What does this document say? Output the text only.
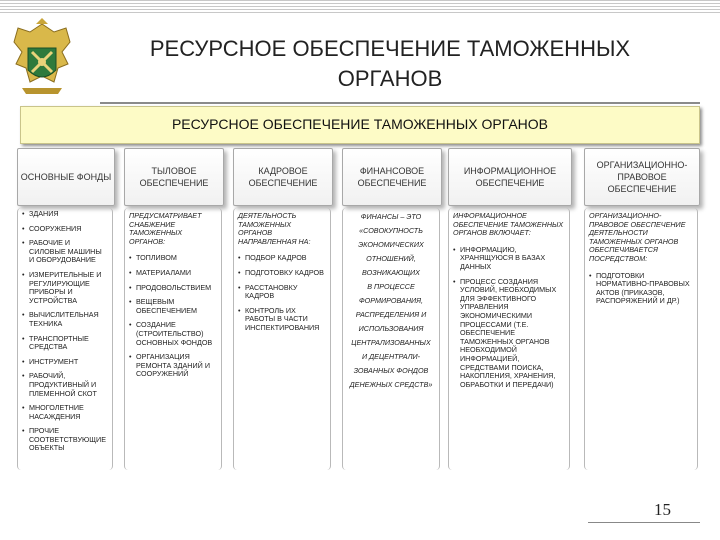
РЕСУРСНОЕ ОБЕСПЕЧЕНИЕ ТАМОЖЕННЫХ
ОРГАНОВ
РЕСУРСНОЕ ОБЕСПЕЧЕНИЕ ТАМОЖЕННЫХ ОРГАНОВ
ОСНОВНЫЕ ФОНДЫ
• ЗДАНИЯ
• СООРУЖЕНИЯ
• РАБОЧИЕ И СИЛОВЫЕ МАШИНЫ И ОБОРУДОВАНИЕ
• ИЗМЕРИТЕЛЬНЫЕ И РЕГУЛИРУЮЩИЕ ПРИБОРЫ И УСТРОЙСТВА
• ВЫЧИСЛИТЕЛЬНАЯ ТЕХНИКА
• ТРАНСПОРТНЫЕ СРЕДСТВА
• ИНСТРУМЕНТ
• РАБОЧИЙ, ПРОДУКТИВНЫЙ И ПЛЕМЕННОЙ СКОТ
• МНОГОЛЕТНИЕ НАСАЖДЕНИЯ
• ПРОЧИЕ СООТВЕТСТВУЮЩИЕ ОБЪЕКТЫ
ТЫЛОВОЕ ОБЕСПЕЧЕНИЕ
ПРЕДУСМАТРИВАЕТ СНАБЖЕНИЕ ТАМОЖЕННЫХ ОРГАНОВ:
• ТОПЛИВОМ
• МАТЕРИАЛАМИ
• ПРОДОВОЛЬСТВИЕМ
• ВЕЩЕВЫМ ОБЕСПЕЧЕНИЕМ
• СОЗДАНИЕ (СТРОИТЕЛЬСТВО) ОСНОВНЫХ ФОНДОВ
• ОРГАНИЗАЦИЯ РЕМОНТА ЗДАНИЙ И СООРУЖЕНИЙ
КАДРОВОЕ ОБЕСПЕЧЕНИЕ
ДЕЯТЕЛЬНОСТЬ ТАМОЖЕННЫХ ОРГАНОВ НАПРАВЛЕННАЯ НА:
• ПОДБОР КАДРОВ
• ПОДГОТОВКУ КАДРОВ
• РАССТАНОВКУ КАДРОВ
• КОНТРОЛЬ ИХ РАБОТЫ В ЧАСТИ ИНСПЕКТИРОВАНИЯ
ФИНАНСОВОЕ ОБЕСПЕЧЕНИЕ
ФИНАНСЫ – ЭТО
«СОВОКУПНОСТЬ
ЭКОНОМИЧЕСКИХ
ОТНОШЕНИЙ,
ВОЗНИКАЮЩИХ
В ПРОЦЕССЕ
ФОРМИРОВАНИЯ,
РАСПРЕДЕЛЕНИЯ И
ИСПОЛЬЗОВАНИЯ
ЦЕНТРАЛИЗОВАННЫХ
И ДЕЦЕНТРАЛИ-
ЗОВАННЫХ ФОНДОВ
ДЕНЕЖНЫХ СРЕДСТВ»
ИНФОРМАЦИОННОЕ ОБЕСПЕЧЕНИЕ
ИНФОРМАЦИОННОЕ ОБЕСПЕЧЕНИЕ ТАМОЖЕННЫХ ОРГАНОВ ВКЛЮЧАЕТ:
• ИНФОРМАЦИЮ, ХРАНЯЩУЮСЯ В БАЗАХ ДАННЫХ
• ПРОЦЕСС СОЗДАНИЯ УСЛОВИЙ, НЕОБХОДИМЫХ ДЛЯ ЭФФЕКТИВНОГО УПРАВЛЕНИЯ ЭКОНОМИЧЕСКИМИ ПРОЦЕССАМИ (Т.Е. ОБЕСПЕЧЕНИЕ ТАМОЖЕННЫХ ОРГАНОВ НЕОБХОДИМОЙ ИНФОРМАЦИЕЙ, СРЕДСТВАМИ ПОИСКА, НАКОПЛЕНИЯ, ХРАНЕНИЯ, ОБРАБОТКИ И ПЕРЕДАЧИ)
ОРГАНИЗАЦИОННО-ПРАВОВОЕ ОБЕСПЕЧЕНИЕ
ОРГАНИЗАЦИОННО-ПРАВОВОЕ ОБЕСПЕЧЕНИЕ ДЕЯТЕЛЬНОСТИ ТАМОЖЕННЫХ ОРГАНОВ ОБЕСПЕЧИВАЕТСЯ ПОСРЕДСТВОМ:
• ПОДГОТОВКИ НОРМАТИВНО-ПРАВОВЫХ АКТОВ (ПРИКАЗОВ, РАСПОРЯЖЕНИЙ И ДР.)
15
